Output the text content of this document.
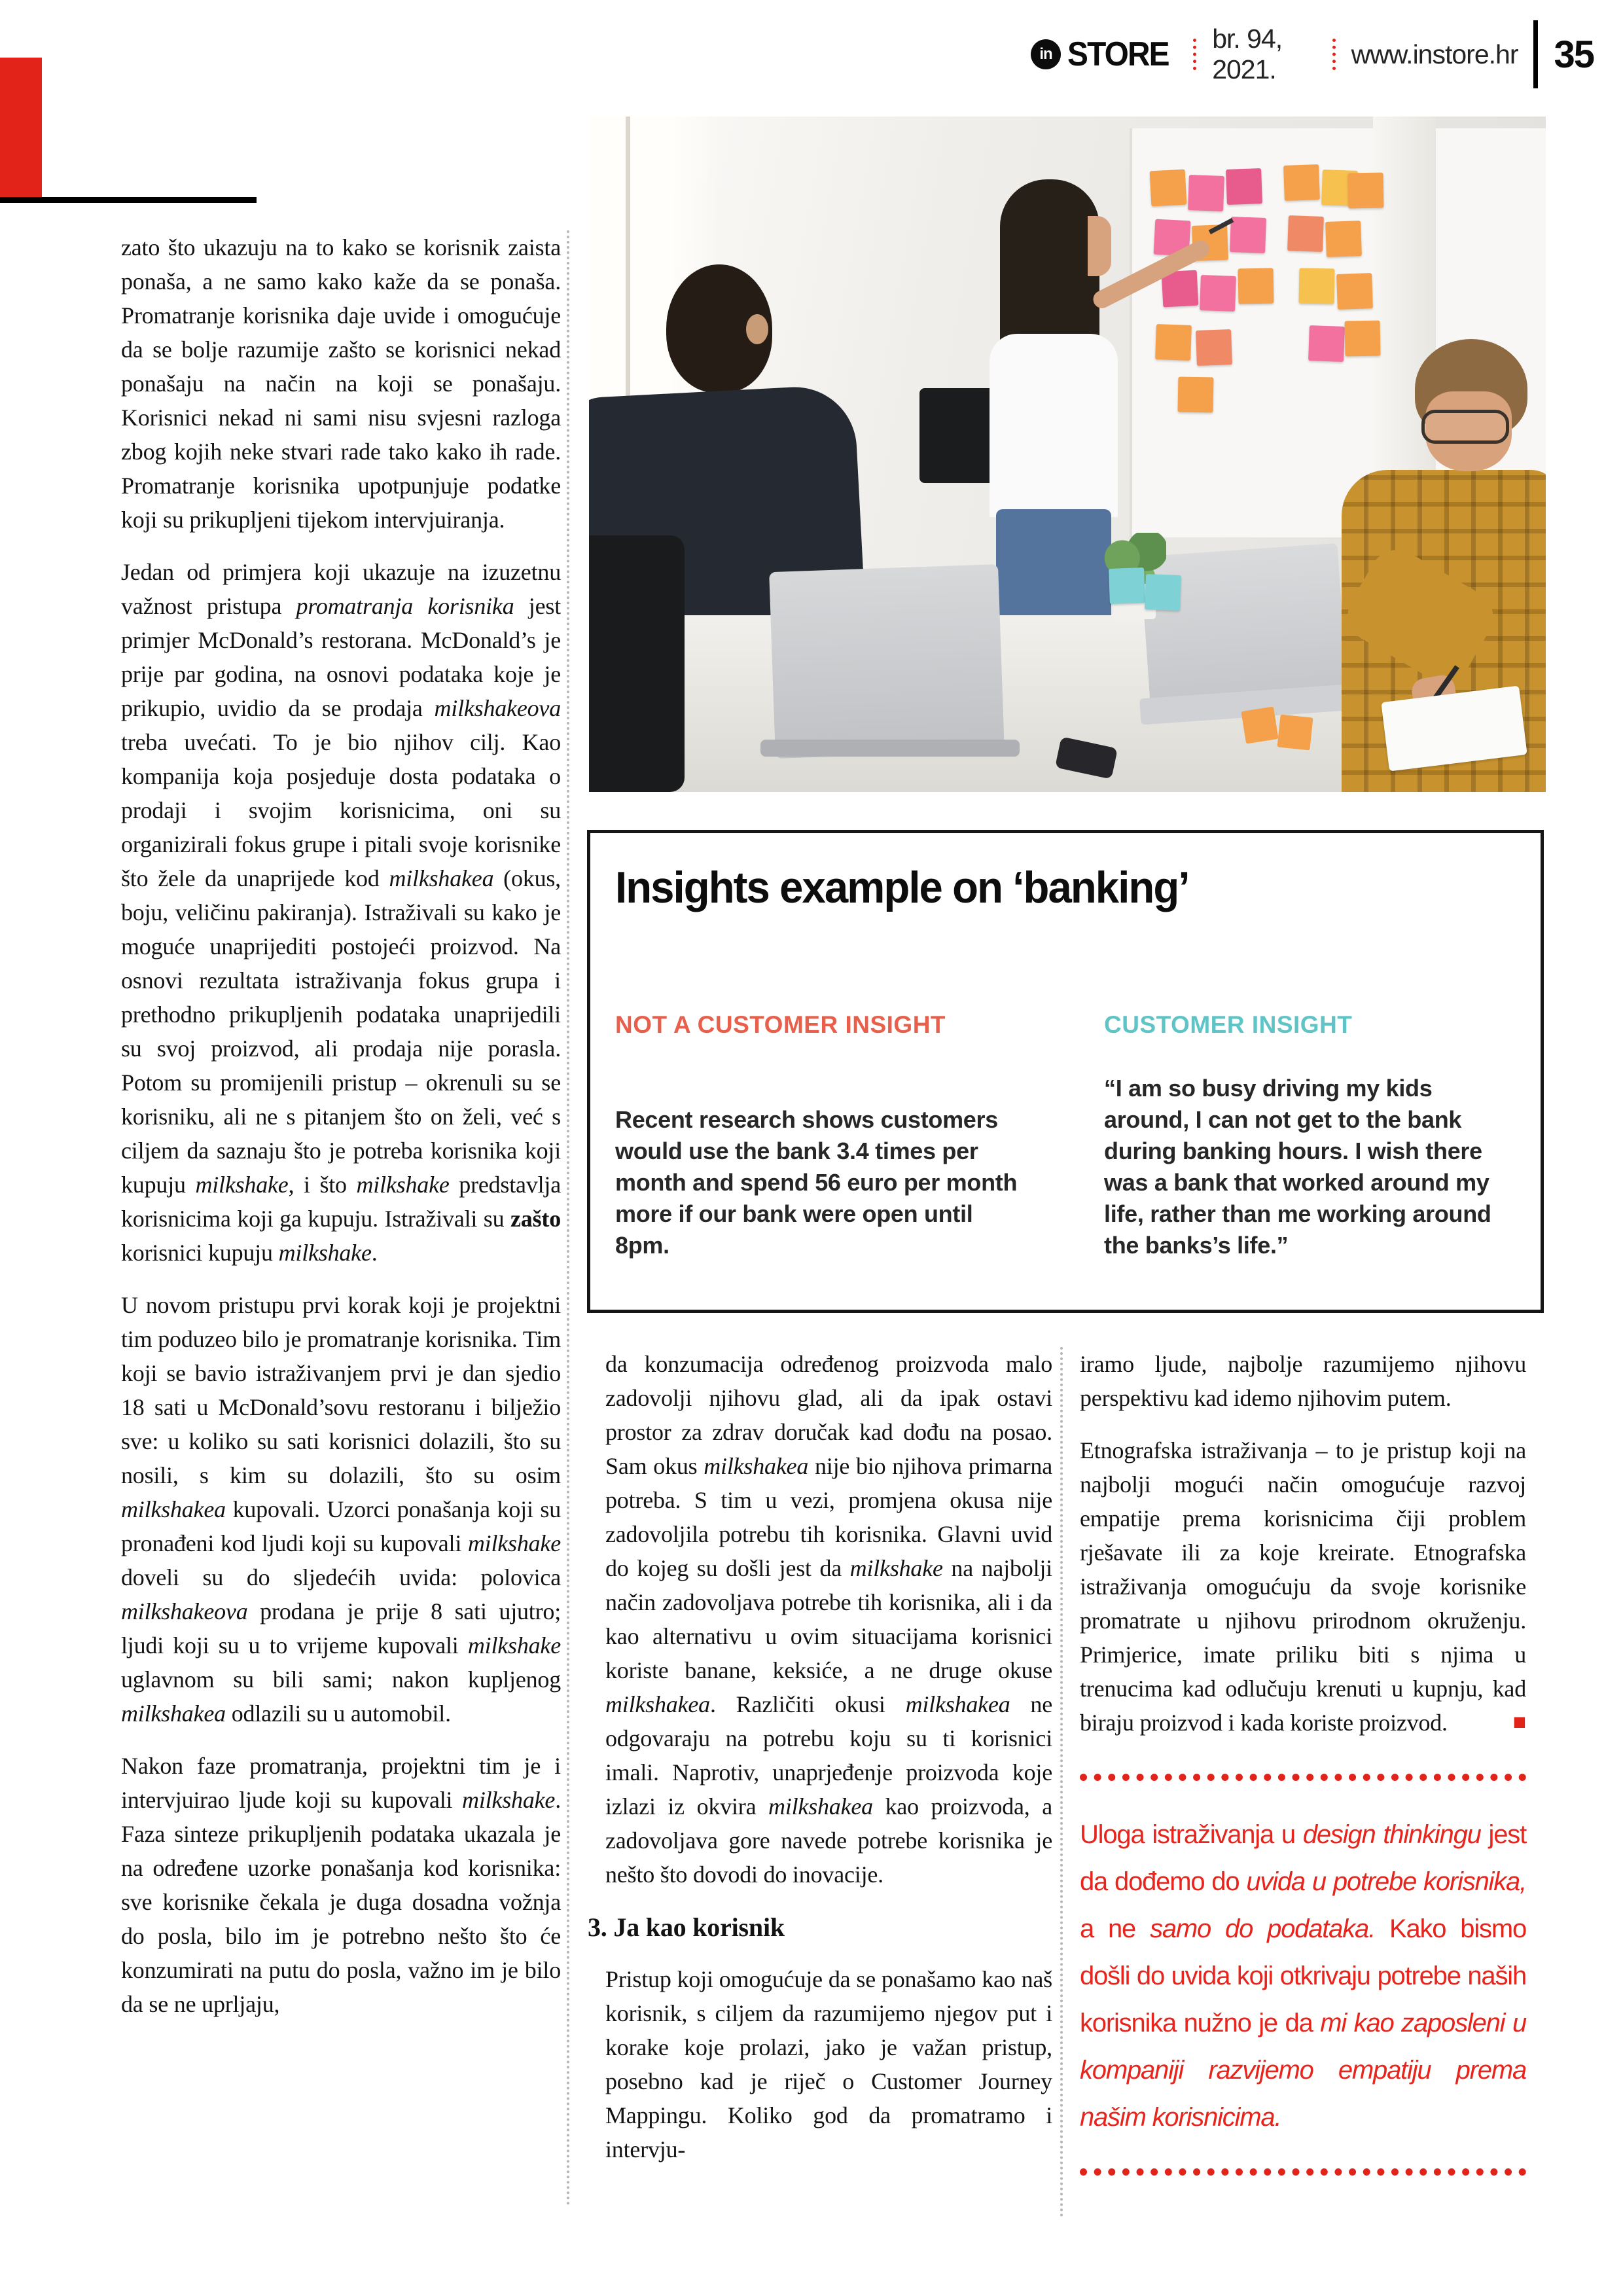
in STORE br. 94, 2021.
www.instore.hr 35
Insights example on ‘banking’
NOT A CUSTOMER INSIGHT
Recent research shows customers would use the bank 3.4 times per month and spend 56 euro per month more if our bank were open until 8pm.
CUSTOMER INSIGHT
“I am so busy driving my kids around, I can not get to the bank during banking hours. I wish there was a bank that worked around my life, rather than me working around the banks’s life.”

zato što ukazuju na to kako se korisnik zaista ponaša, a ne samo kako kaže da se ponaša. Promatranje korisnika daje uvide i omogućuje da se bolje razumije zašto se korisnici nekad ponašaju na način na koji se ponašaju. Korisnici nekad ni sami nisu svjesni razloga zbog kojih neke stvari rade tako kako ih rade. Promatranje korisnika upotpunjuje podatke koji su prikupljeni tijekom intervjuiranja.

Jedan od primjera koji ukazuje na izuzetnu važnost pristupa promatranja korisnika jest primjer McDonald’s restorana. McDonald’s je prije par godina, na osnovi podataka koje je prikupio, uvidio da se prodaja milkshakeova treba uvećati. To je bio njihov cilj. Kao kompanija koja posjeduje dosta podataka o prodaji i svojim korisnicima, oni su organizirali fokus grupe i pitali svoje korisnike što žele da unaprijede kod milkshakea (okus, boju, veličinu pakiranja). Istraživali su kako je moguće unaprijediti postojeći proizvod. Na osnovi rezultata istraživanja fokus grupa i prethodno prikupljenih podataka unaprijedili su svoj proizvod, ali prodaja nije porasla. Potom su promijenili pristup – okrenuli su se korisniku, ali ne s pitanjem što on želi, već s ciljem da saznaju što je potreba korisnika koji kupuju milkshake, i što milkshake predstavlja korisnicima koji ga kupuju. Istraživali su zašto korisnici kupuju milkshake.

U novom pristupu prvi korak koji je projektni tim poduzeo bilo je promatranje korisnika. Tim koji se bavio istraživanjem prvi je dan sjedio 18 sati u McDonald’sovu restoranu i bilježio sve: u koliko su sati korisnici dolazili, što su nosili, s kim su dolazili, što su osim milkshakea kupovali. Uzorci ponašanja koji su pronađeni kod ljudi koji su kupovali milkshake doveli su do sljedećih uvida: polovica milkshakeova prodana je prije 8 sati ujutro; ljudi koji su u to vrijeme kupovali milkshake uglavnom su bili sami; nakon kupljenog milkshakea odlazili su u automobil.

Nakon faze promatranja, projektni tim je i intervjuirao ljude koji su kupovali milkshake. Faza sinteze prikupljenih podataka ukazala je na određene uzorke ponašanja kod korisnika: sve korisnike čekala je duga dosadna vožnja do posla, bilo im je potrebno nešto što će konzumirati na putu do posla, važno im je bilo da se ne uprljaju,

da konzumacija određenog proizvoda malo zadovolji njihovu glad, ali da ipak ostavi prostor za zdrav doručak kad dođu na posao. Sam okus milkshakea nije bio njihova primarna potreba. S tim u vezi, promjena okusa nije zadovoljila potrebu tih korisnika. Glavni uvid do kojeg su došli jest da milkshake na najbolji način zadovoljava potrebe tih korisnika, ali i da kao alternativu u ovim situacijama korisnici koriste banane, keksiće, a ne druge okuse milkshakea. Različiti okusi milkshakea ne odgovaraju na potrebu koju su ti korisnici imali. Naprotiv, unaprjeđenje proizvoda koje izlazi iz okvira milkshakea kao proizvoda, a zadovoljava gore navede potrebe korisnika je nešto što dovodi do inovacije.

3. Ja kao korisnik

Pristup koji omogućuje da se ponašamo kao naš korisnik, s ciljem da razumijemo njegov put i korake koje prolazi, jako je važan pristup, posebno kad je riječ o Customer Journey Mappingu. Koliko god da promatramo i intervju-

iramo ljude, najbolje razumijemo njihovu perspektivu kad idemo njihovim putem.

Etnografska istraživanja – to je pristup koji na najbolji mogući način omogućuje razvoj empatije prema korisnicima čiji problem rješavate ili za koje kreirate. Etnografska istraživanja omogućuju da svoje korisnike promatrate u njihovu prirodnom okruženju. Primjerice, imate priliku biti s njima u trenucima kad odlučuju krenuti u kupnju, kad biraju proizvod i kada koriste proizvod.	■

Uloga istraživanja u design thinkingu jest da dođemo do uvida u potrebe korisnika, a ne samo do podataka. Kako bismo došli do uvida koji otkrivaju potrebe naših korisnika nužno je da mi kao zaposleni u kompaniji razvijemo empatiju prema našim korisnicima.
